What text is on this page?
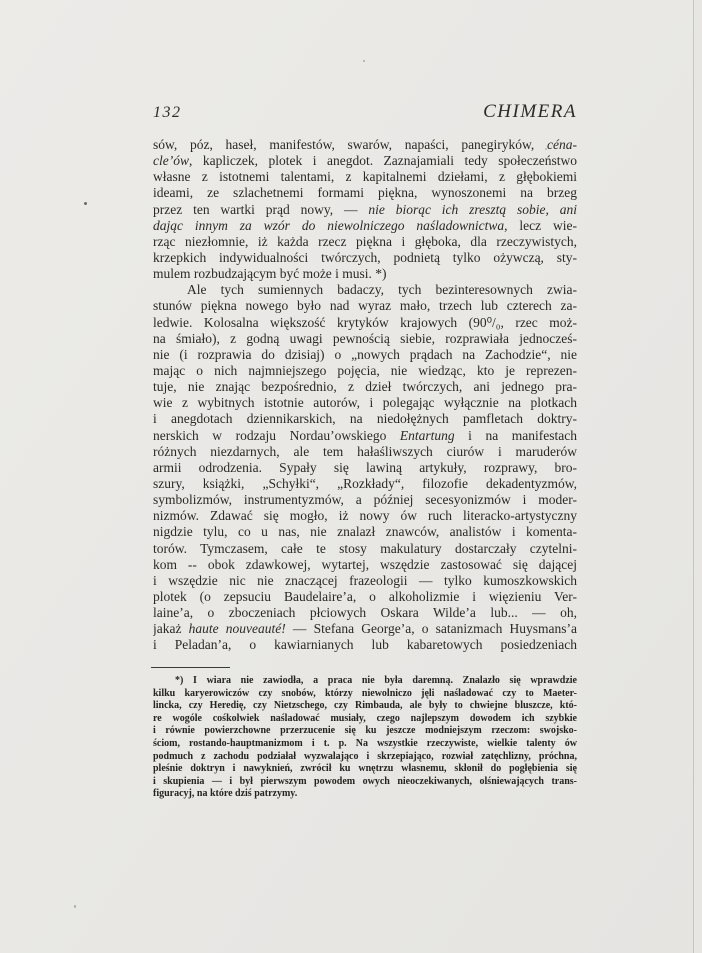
132	CHIMERA
sów, póz, haseł, manifestów, swarów, napaści, panegiryków, céna-
cle’ów, kapliczek, plotek i anegdot. Zaznajamiali tedy społeczeństwo
własne z istotnemi talentami, z kapitalnemi dziełami, z głębokiemi
ideami, ze szlachetnemi formami piękna, wynoszonemi na brzeg
przez ten wartki prąd nowy, — nie biorąc ich zresztą sobie, ani
dając innym za wzór do niewolniczego naśladownictwa, lecz wie-
rząc niezłomnie, iż każda rzecz piękna i głęboka, dla rzeczywistych,
krzepkich indywidualności twórczych, podnietą tylko ożywczą, sty-
mulem rozbudzającym być może i musi. *)
Ale tych sumiennych badaczy, tych bezinteresownych zwia-
stunów piękna nowego było nad wyraz mało, trzech lub czterech za-
ledwie. Kolosalna większość krytyków krajowych (90⁰/₀, rzec moż-
na śmiało), z godną uwagi pewnością siebie, rozprawiała jednocześ-
nie (i rozprawia do dzisiaj) o „nowych prądach na Zachodzie“, nie
mając o nich najmniejszego pojęcia, nie wiedząc, kto je reprezen-
tuje, nie znając bezpośrednio, z dzieł twórczych, ani jednego pra-
wie z wybitnych istotnie autorów, i polegając wyłącznie na plotkach
i anegdotach dziennikarskich, na niedołężnych pamfletach doktry-
nerskich w rodzaju Nordau’owskiego Entartung i na manifestach
różnych niezdarnych, ale tem hałaśliwszych ciurów i maruderów
armii odrodzenia. Sypały się lawiną artykuły, rozprawy, bro-
szury, książki, „Schyłki“, „Rozkłady“, filozofie dekadentyzmów,
symbolizmów, instrumentyzmów, a później secesyonizmów i moder-
nizmów. Zdawać się mogło, iż nowy ów ruch literacko-artystyczny
nigdzie tylu, co u nas, nie znalazł znawców, analistów i komenta-
torów. Tymczasem, całe te stosy makulatury dostarczały czytelni-
kom -- obok zdawkowej, wytartej, wszędzie zastosować się dającej
i wszędzie nic nie znaczącej frazeologii — tylko kumoszkowskich
plotek (o zepsuciu Baudelaire’a, o alkoholizmie i więzieniu Ver-
laine’a, o zboczeniach płciowych Oskara Wilde’a lub... — oh,
jakaż haute nouveauté! — Stefana George’a, o satanizmach Huysmans’a
i Peladan’a, o kawiarnianych lub kabaretowych posiedzeniach
*) I wiara nie zawiodła, a praca nie była daremną. Znalazło się wprawdzie
kilku karyerowiczów czy snobów, którzy niewolniczo jęli naśladować czy to Maeter-
lincka, czy Heredię, czy Nietzschego, czy Rimbauda, ale były to chwiejne bluszcze, któ-
re wogóle cośkolwiek naśladować musiały, czego najlepszym dowodem ich szybkie
i równie powierzchowne przerzucenie się ku jeszcze modniejszym rzeczom: swojsko-
ściom, rostando-hauptmanizmom i t. p. Na wszystkie rzeczywiste, wielkie talenty ów
podmuch z zachodu podziałał wyzwalająco i skrzepiająco, rozwiał zatęchlizny, próchna,
pleśnie doktryn i nawyknień, zwrócił ku wnętrzu własnemu, skłonił do pogłębienia się
i skupienia — i był pierwszym powodem owych nieoczekiwanych, olśniewających trans-
figuracyj, na które dziś patrzymy.
